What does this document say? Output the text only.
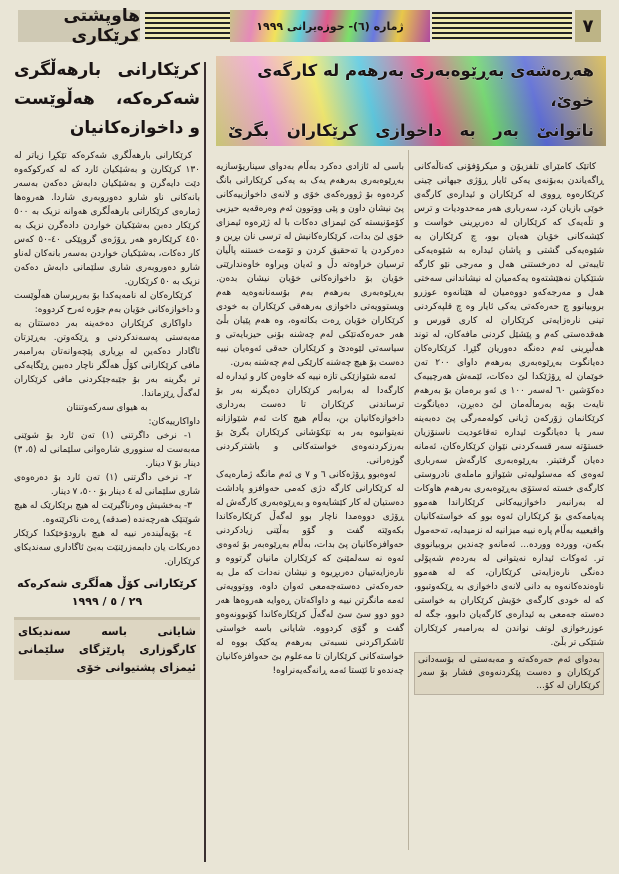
هاوپشتی کرێکاری	ژماره (٦)- حوزەیرانی ١٩٩٩	٧
هەڕەشەی بەڕێوەبەری بەرهەم لە کارگەی خوێ،
ناتوانێ بەر بە داخوازی کرێکاران بگرێ
کرێکارانی بارهەڵگری شەکرەکە، هەڵوێست و داخوازەکانیان

کرێکارانی بارهەڵگری شەکرەکە تێکڕا زیاتر لە ١٣٠ کرێکارن و بەشێکیان ئارد کە لە کەرکوکەوە دێت دایەگرن و بەشێکیان دابەش دەکەن بەسەر بانەکانی ناو شارو دەوروبەری شاردا. هەروەها ژمارەی کرێکارانی بارهەڵگری هەوانە نزیک بە ٥٠٠ کرێکار دەبن بەشێکیان خواردن دادەگرن نزیک بە ٤٥٠ کرێکارەو هەر ڕۆژەی گروپێکی ٤٠-٥٠ کەس کار دەکات، بەشێکیان خواردن بەسەر بانەکان لەناو شارو دەوروبەری شاری سلێمانی دابەش دەکەن نزیک بە ٥٠ کرێکارن.

کرێکارەکان لە نامەیەکدا بۆ بەرپرسان هەڵوێست و داخوازەکانی خۆیان بەم جۆرە ئەرح کردووە:

داواکاری کرێکاران دەخەینە بەر دەستتان بە مەبەستی پەسەندکردنی و ڕێکەوتن. بەڕێزتان ئاگادار دەکەین لە بڕیاری پێچەوانەتان بەرامبەر مافی کرێکارانی کۆڵ هەڵگر ناچار دەبین ڕێگایەکی تر بگرینە بەر بۆ جێبەجێکردنی مافی کرێکاران لەگەڵ ڕێزماندا.

بە هیوای سەرکەوتنتان

داواکارییەکان:

١- نرخی داگرتنی (١) تەن ئارد بۆ شوێنی مەبەست لە سنووری شارەوانی سلێمانی لە (٥، ٣) دینار بۆ ٧ دینار.

٢- نرخی داگرتنی (١) تەن ئارد بۆ دەرەوەی شاری سلێمانی لە ٤ دینار بۆ ٥٠٠، ٧ دینار.

٣- بەخشیش وەرناگیرێت لە هیچ برێکارێک لە هیچ شوێنێک هەرچەندە (صدقە) ڕەت ناکرێتەوە.

٤- بۆیەڵیندەر نییە لە هیچ بارودۆخێکدا کرێکار دەربکات یان دابمەزرێنێت بەبێ ئاگاداری سەندیکای کرێکاران.

کرێکارانی کۆڵ هەڵگری شەکرەکە
٢٩ / ٥ / ١٩٩٩
شایانی باسە سەندیکای کارگوزاری پارێزگای سلێمانی ئیمزای پشتیوانی خۆی

باسی لە ئازادی دەکرد بەڵام بەدوای سیناریۆسازیە بەڕێوەبەری بەرهەم یەک بە یەکی کرێکارانی بانگ کردەوە بۆ ژوورەکەی خۆی و لانەی داخوازییەکانی پێ نیشان داون و پێی ووتوون ئەم وەرەقەیە حیزبی کۆمۆنیستە کێ ئیمزای دەکات با لە ژێرەوە ئیمزای خۆی لێ بدات، کرێکارەکانیش لە ترسی نان بڕین و دەرکردن یا تەحقیق کردن و تۆمەت خستنە پاڵیان ترسیان خراوەتە دڵ و ئەیان ویراوە خاوەندارێتی خۆیان بۆ داخوازەکانی خۆیان نیشان بدەن. بەڕێوەبەری بەرهەم بەم بۆسەنانەوەیە هەم ویستوویەتی داخوازی بەرهەقی کرێکاران بە خودی کرێکاران خۆیان ڕەت بکاتەوە، وە هەم پێیان بڵێ هەر حەرەکەتێکی لەم چەشنە بۆنی حیزبایەتی و سیاسەتی لێوەدێ و کرێکاران حەقی ئەوەیان نییە دەست بۆ هیچ چەشنە کارێکی لەم چەشنە بەرن.

ئەمە شێوازێکی تازە نییە کە خاوەن کار و ئیدارە لە کارگەدا لە بەرابەر کرێکاران دەیگرنە بەر بۆ ترساندنی کرێکاران تا دەست بەرداری داخوازەکانیان بن، بەڵام هیچ کات ئەم شێوازانە نەیتوانیوە بەر بە تێکۆشانی کرێکاران بگرێ بۆ بەرزکردنەوەی خواستەکانی و باشترکردنی گوزەرانی.

ئەوەبوو ڕۆژەکانی ٦ و ٧ ی ئەم مانگە ژمارەیەک لە کرێکارانی کارگە دژی کەمی حەوافزو پاداشت دەستیان لە کار کێشایەوە و بەڕێوەبەری کارگەش لە ڕۆژی دووەمدا ناچار بوو لەگەڵ کرێکارەکاندا بکەوێتە گفت و گۆو بەڵێنی زیادکردنی حەوافزەکانیان پێ بدات، بەڵام بەڕێوەبەر بۆ ئەوەی ئەوە نە سەلمێنێ کە کرێکاران مانیان گرتووە و نارەزایەتییان دەربڕیوە و نیشان نەدات کە مل بە حەرەکەتی دەستەجەمعی ئەوان داوە، ووتوویەتی ئەمە مانگرتن نییە و داواکەتان ڕەوایە هەروەها هەر دوو دوو سێ سێ لەگەڵ کرێکارەکاندا کۆبوونەوەو گفت و گۆی کردووە. شایانی باسە خواستی ئاشکراکردنی نسبەتی بەرهەم یەکێک بووە لە خواستەکانی کرێکاران تا مەعلوم بێ حەوافزەکانیان چەندەو تا ئێستا ئەمە ڕانەگەیەنراوە!

کاتێک کامێرای تلفزیۆن و میکرۆفۆنی کەناڵەکانی ڕاگەیاندن بەبۆنەی یەکی ئایار ڕۆژی جیهانی چینی کرێکارەوە ڕووی لە کرێکاران و ئیدارەی کارگەی خوێی بازیان کرد، سەرباری هەر مەحدودیات و ترس و تڵەیەک کە کرێکاران لە دەربڕینی خواست و کێشەکانی خۆیان هەیان بوو، چ کرێکاران بە شێوەیەکی گشتی و پاشان ئیدارە بە شێوەیەکی تایبەتی لە دەرخستنی هەل و مەرجی نێو کارگە شتێکیان نەهێشتەوە یەکەمیان لە نیشاندانی سەختی هەل و مەرجەکەو دووەمیان لە هێنانەوە عوزرو بروبیانوو چ حەرەکەتی یەکی ئایار وە چ قلپەکردنی تینی نارەزایەتی کرێکاران لە کاری قورس و هەقدەستی کەم و پێشێل کردنی مافەکان، لە توند هەڵبڕینی ئەم دەنگە دەوریان گێڕا. کرێکارەکان دەیانگوت بەڕێوەبەری بەرهەم داوای ٢٠٠ تەن خوێمان لە ڕۆژێکدا لێ دەکات، ئێمەش هەرچییەک دەکۆشین ٦٠ لەسەر ١٠٠ ی ئەو برەمان بۆ بەرهەم نایەت بۆیە بەرماڵەمان لێ دەبڕن، دەیانگوت کرێکانمان زۆرکەن ژیانی کولەمەرگی پێ دەبەینە سەر یا دەیانگوت ئیدارە تەقاعودیت ناسنۆزیان خستۆتە سەر قسەکردنی نێوان کرێکارەکان، ئەمانە دەیان گرفتیتر. بەڕێوەبەری کارگەش سەرباری ئەوەی کە مەسئولیەتی شێوازو ماملەی نادروستی کارگەی خستە ئەستۆی بەڕێوەبەری بەرهەم هاوکات لە بەرانبەر داخوازییەکانی کرێکاراندا هەموو پەیامەکەی بۆ کرێکاران ئەوە بوو کە خواستەکانیان واقیعییە بەڵام پارە نییە میزانیە لە نزمیدایە، تەحەمول بکەن، وورده وورده... ئەمانەو چەندین بروبیانووی تر. ئەوکات ئیدارە نەیتوانی لە بەردەم شەپۆلی دەنگی نارەزایەتی کرێکاران، کە لە هەموو ناوەندەکانەوە بە دانی لانەی داخوازی بە ڕێکەوتبوو، کە لە خودی کارگەی خۆیش کرێکاران بە خواستی دەستە جەمعی بە ئیدارەی کارگەیان دابوو، جگە لە عوزرخوازی لوتف نواندن لە بەرامبەر کرێکاران شتێکی تر بڵێ.

بەدوای ئەم حەرەکەتە و مەبەستی لە بۆسەدانی کرێکاران و دەست پێکردنەوەی فشار بۆ سەر کرێکاران لە کۆ...
